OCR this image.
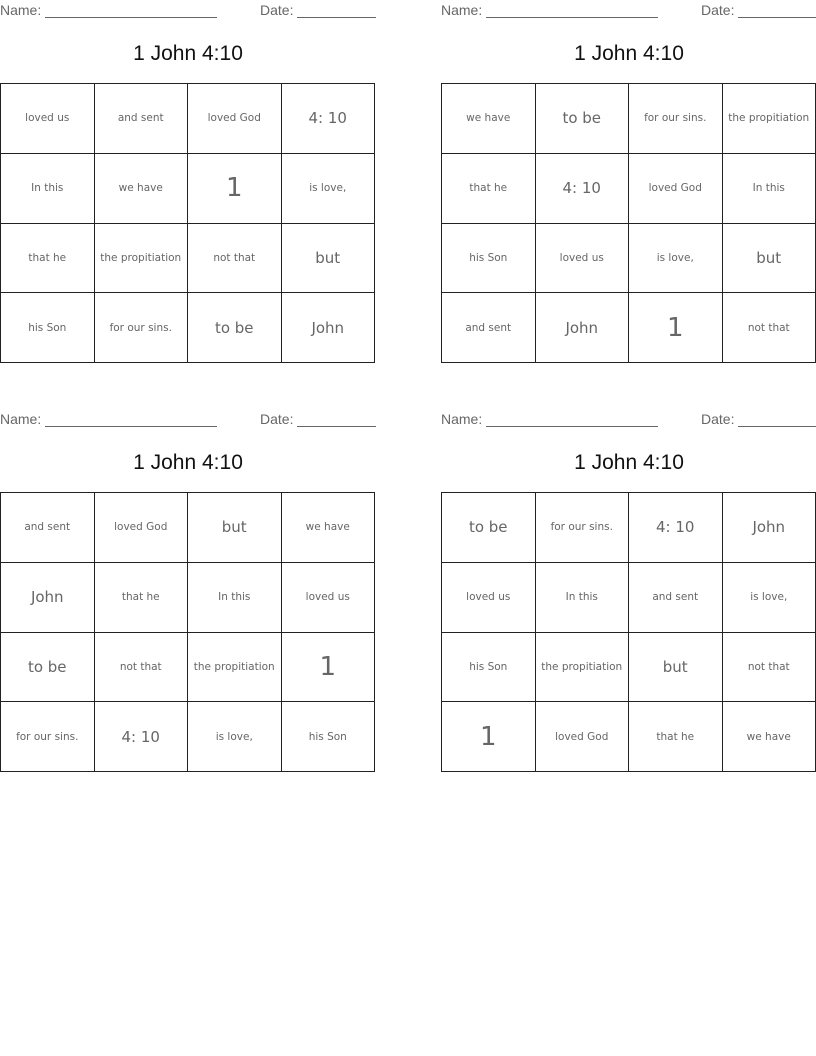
Name:	Date:
1 John 4:10
loved us	and sent	loved God	4: 10
In this	we have	1	is love,
that he	the propitiation	not that	but
his Son	for our sins.	to be	John
Name:	Date:
1 John 4:10
we have	to be	for our sins.	the propitiation
that he	4: 10	loved God	In this
his Son	loved us	is love,	but
and sent	John	1	not that
Name:	Date:
1 John 4:10
and sent	loved God	but	we have
John	that he	In this	loved us
to be	not that	the propitiation	1
for our sins.	4: 10	is love,	his Son
Name:	Date:
1 John 4:10
to be	for our sins.	4: 10	John
loved us	In this	and sent	is love,
his Son	the propitiation	but	not that
1	loved God	that he	we have
